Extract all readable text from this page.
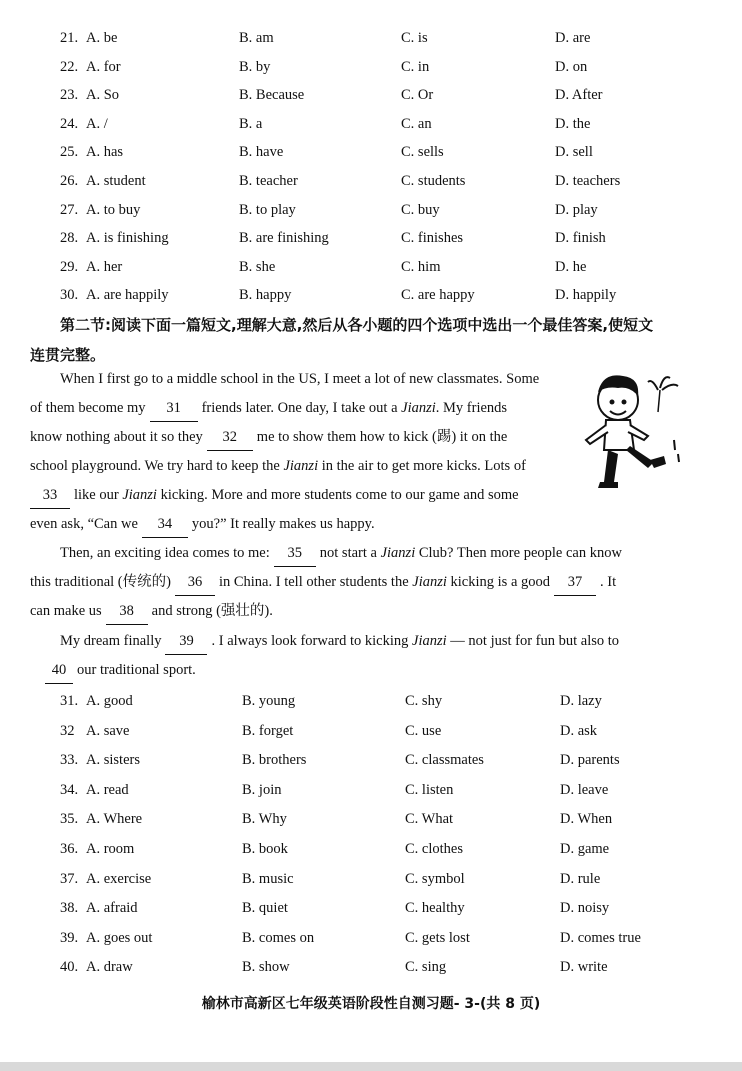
21. A. be	B. am	C. is	D. are
22. A. for	B. by	C. in	D. on
23. A. So	B. Because	C. Or	D. After
24. A. /	B. a	C. an	D. the
25. A. has	B. have	C. sells	D. sell
26. A. student	B. teacher	C. students	D. teachers
27. A. to buy	B. to play	C. buy	D. play
28. A. is finishing	B. are finishing	C. finishes	D. finish
29. A. her	B. she	C. him	D. he
30. A. are happily	B. happy	C. are happy	D. happily
第二节:阅读下面一篇短文,理解大意,然后从各小题的四个选项中选出一个最佳答案,使短文
连贯完整。
When I first go to a middle school in the US, I meet a lot of new classmates. Some
of them become my 31 friends later. One day, I take out a Jianzi. My friends
know nothing about it so they 32 me to show them how to kick (踢) it on the
school playground. We try hard to keep the Jianzi in the air to get more kicks. Lots of
33 like our Jianzi kicking. More and more students come to our game and some
even ask, “Can we 34 you?” It really makes us happy.
Then, an exciting idea comes to me: 35 not start a Jianzi Club? Then more people can know
this traditional (传统的) 36 in China. I tell other students the Jianzi kicking is a good 37 . It
can make us 38 and strong (强壮的).
My dream finally 39 . I always look forward to kicking Jianzi — not just for fun but also to
40 our traditional sport.
31. A. good	B. young	C. shy	D. lazy
32 A. save	B. forget	C. use	D. ask
33. A. sisters	B. brothers	C. classmates	D. parents
34. A. read	B. join	C. listen	D. leave
35. A. Where	B. Why	C. What	D. When
36. A. room	B. book	C. clothes	D. game
37. A. exercise	B. music	C. symbol	D. rule
38. A. afraid	B. quiet	C. healthy	D. noisy
39. A. goes out	B. comes on	C. gets lost	D. comes true
40. A. draw	B. show	C. sing	D. write
榆林市高新区七年级英语阶段性自测习题- 3-(共 8 页)
